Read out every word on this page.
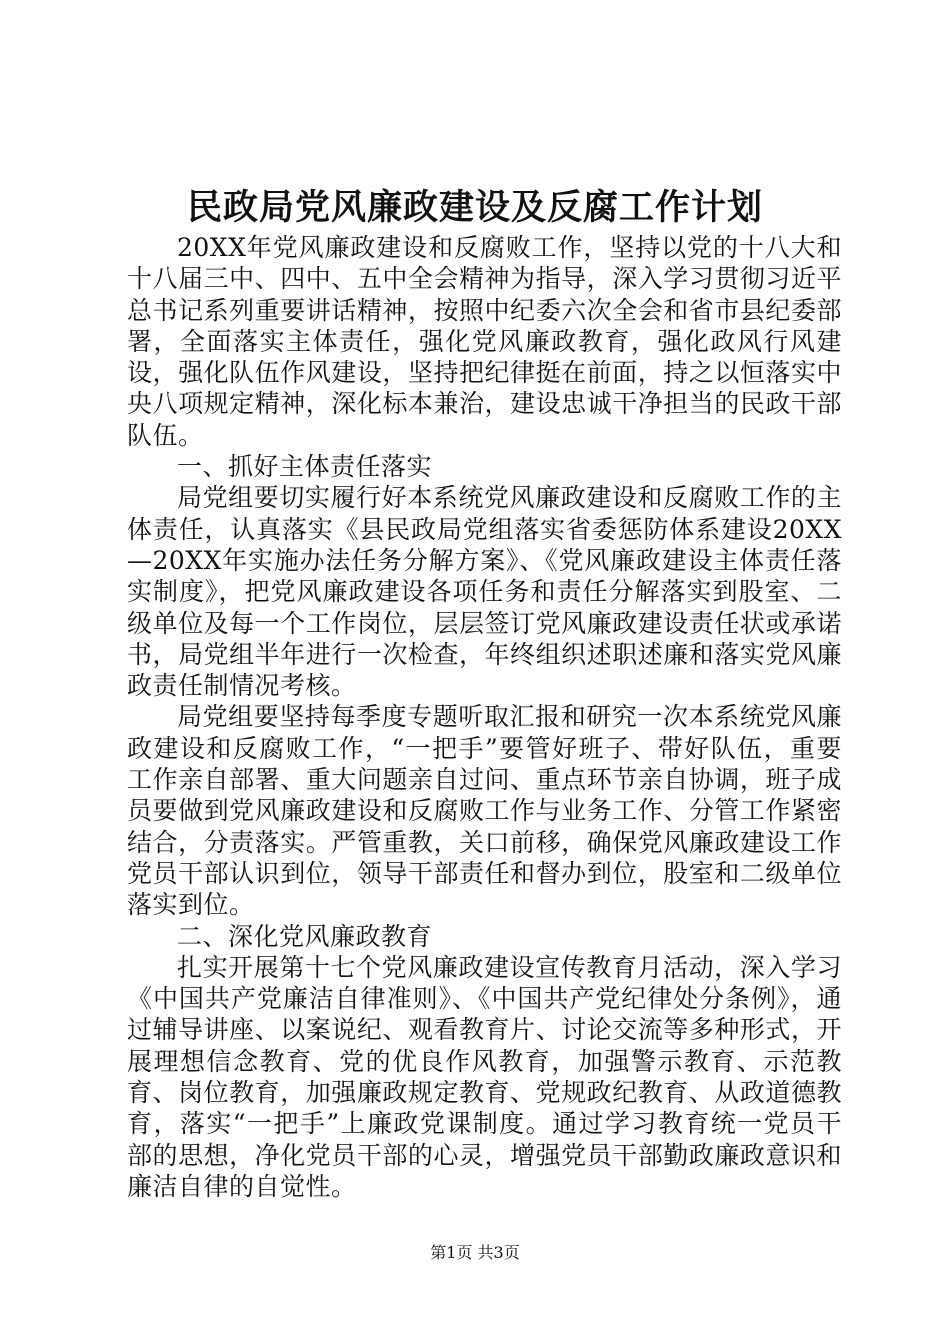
民政局党风廉政建设及反腐工作计划

20XX年党风廉政建设和反腐败工作，坚持以党的十八大和十八届三中、四中、五中全会精神为指导，深入学习贯彻习近平总书记系列重要讲话精神，按照中纪委六次全会和省市县纪委部署，全面落实主体责任，强化党风廉政教育，强化政风行风建设，强化队伍作风建设，坚持把纪律挺在前面，持之以恒落实中央八项规定精神，深化标本兼治，建设忠诚干净担当的民政干部队伍。

一、抓好主体责任落实

局党组要切实履行好本系统党风廉政建设和反腐败工作的主体责任，认真落实《县民政局党组落实省委惩防体系建设20XX—20XX年实施办法任务分解方案》、《党风廉政建设主体责任落实制度》，把党风廉政建设各项任务和责任分解落实到股室、二级单位及每一个工作岗位，层层签订党风廉政建设责任状或承诺书，局党组半年进行一次检查，年终组织述职述廉和落实党风廉政责任制情况考核。

局党组要坚持每季度专题听取汇报和研究一次本系统党风廉政建设和反腐败工作，“一把手”要管好班子、带好队伍，重要工作亲自部署、重大问题亲自过问、重点环节亲自协调，班子成员要做到党风廉政建设和反腐败工作与业务工作、分管工作紧密结合，分责落实。严管重教，关口前移，确保党风廉政建设工作党员干部认识到位，领导干部责任和督办到位，股室和二级单位落实到位。

二、深化党风廉政教育

扎实开展第十七个党风廉政建设宣传教育月活动，深入学习《中国共产党廉洁自律准则》、《中国共产党纪律处分条例》，通过辅导讲座、以案说纪、观看教育片、讨论交流等多种形式，开展理想信念教育、党的优良作风教育，加强警示教育、示范教育、岗位教育，加强廉政规定教育、党规政纪教育、从政道德教育，落实“一把手”上廉政党课制度。通过学习教育统一党员干部的思想，净化党员干部的心灵，增强党员干部勤政廉政意识和廉洁自律的自觉性。

第1页 共3页
